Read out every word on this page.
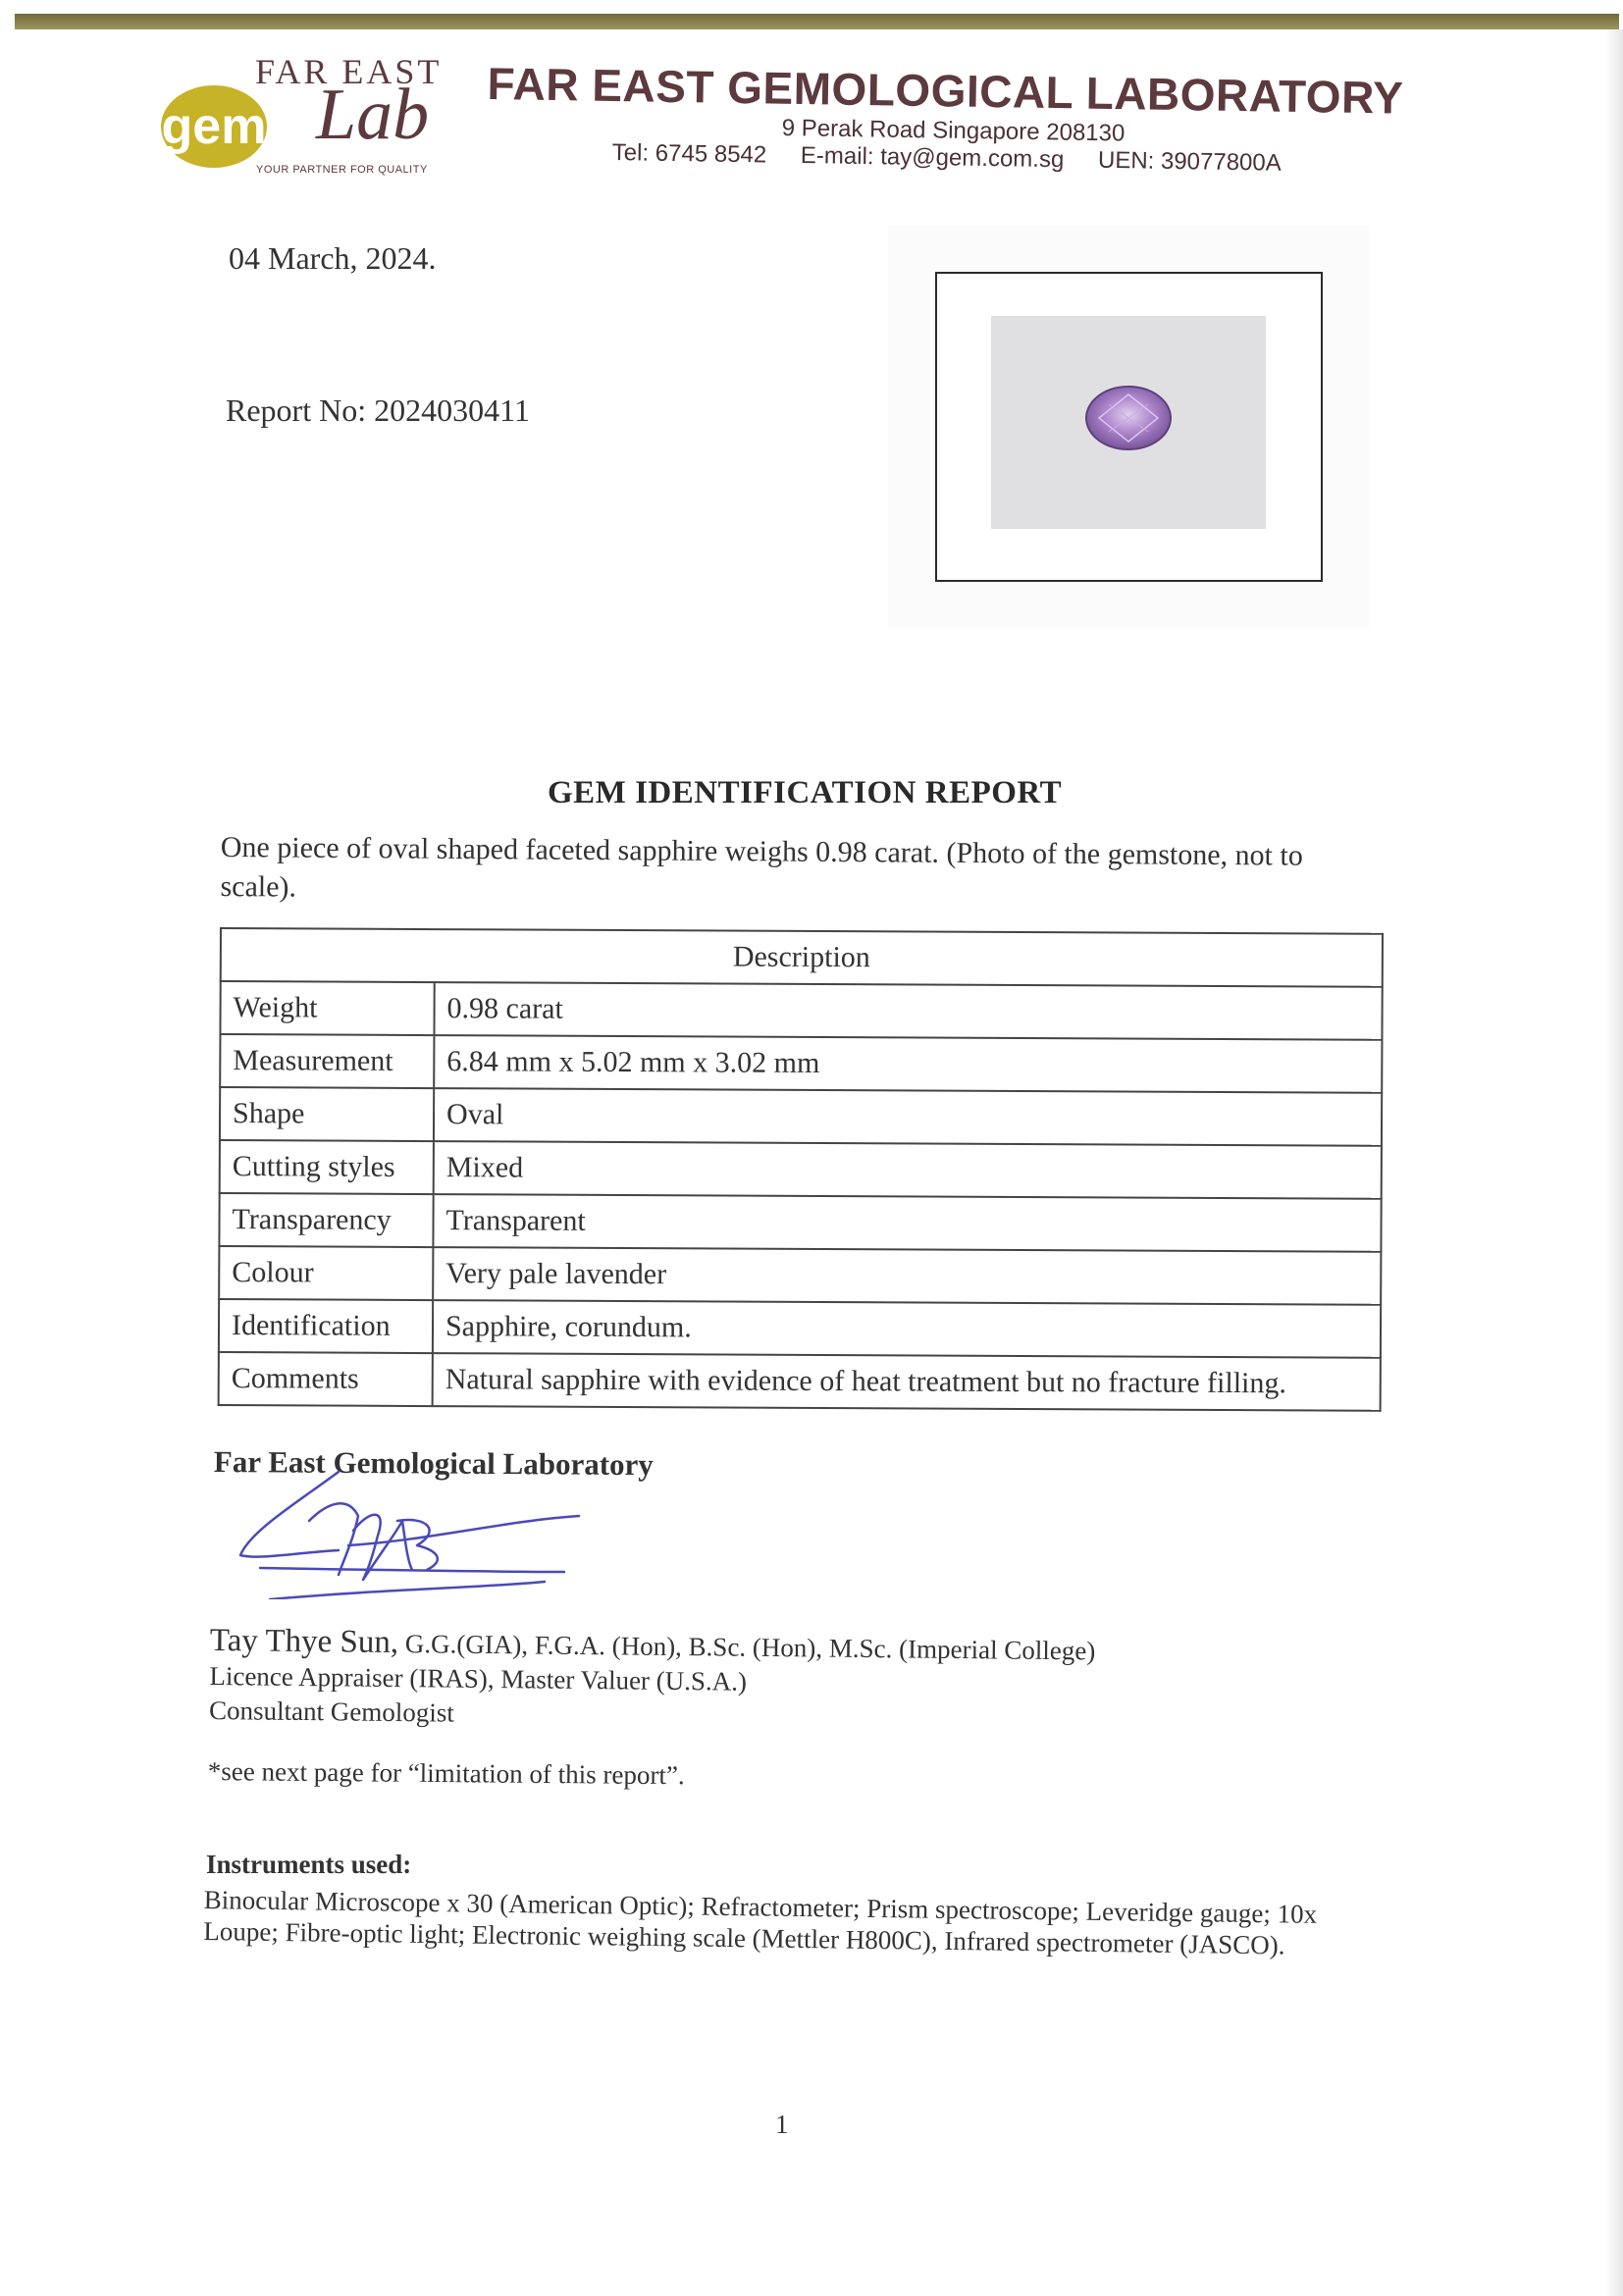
FAR EAST
gem Lab
YOUR PARTNER FOR QUALITY
FAR EAST GEMOLOGICAL LABORATORY
9 Perak Road Singapore 208130
Tel: 6745 8542 E-mail: tay@gem.com.sg UEN: 39077800A
04 March, 2024.
Report No: 2024030411
GEM IDENTIFICATION REPORT
One piece of oval shaped faceted sapphire weighs 0.98 carat. (Photo of the gemstone, not to scale).
Description	
Weight	0.98 carat
Measurement	6.84 mm x 5.02 mm x 3.02 mm
Shape	Oval
Cutting styles	Mixed
Transparency	Transparent
Colour	Very pale lavender
Identification	Sapphire, corundum.
Comments	Natural sapphire with evidence of heat treatment but no fracture filling.
Far East Gemological Laboratory
Tay Thye Sun, G.G.(GIA), F.G.A. (Hon), B.Sc. (Hon), M.Sc. (Imperial College)
Licence Appraiser (IRAS), Master Valuer (U.S.A.)
Consultant Gemologist
*see next page for “limitation of this report”.
Instruments used:
Binocular Microscope x 30 (American Optic); Refractometer; Prism spectroscope; Leveridge gauge; 10x Loupe; Fibre-optic light; Electronic weighing scale (Mettler H800C), Infrared spectrometer (JASCO).
1
